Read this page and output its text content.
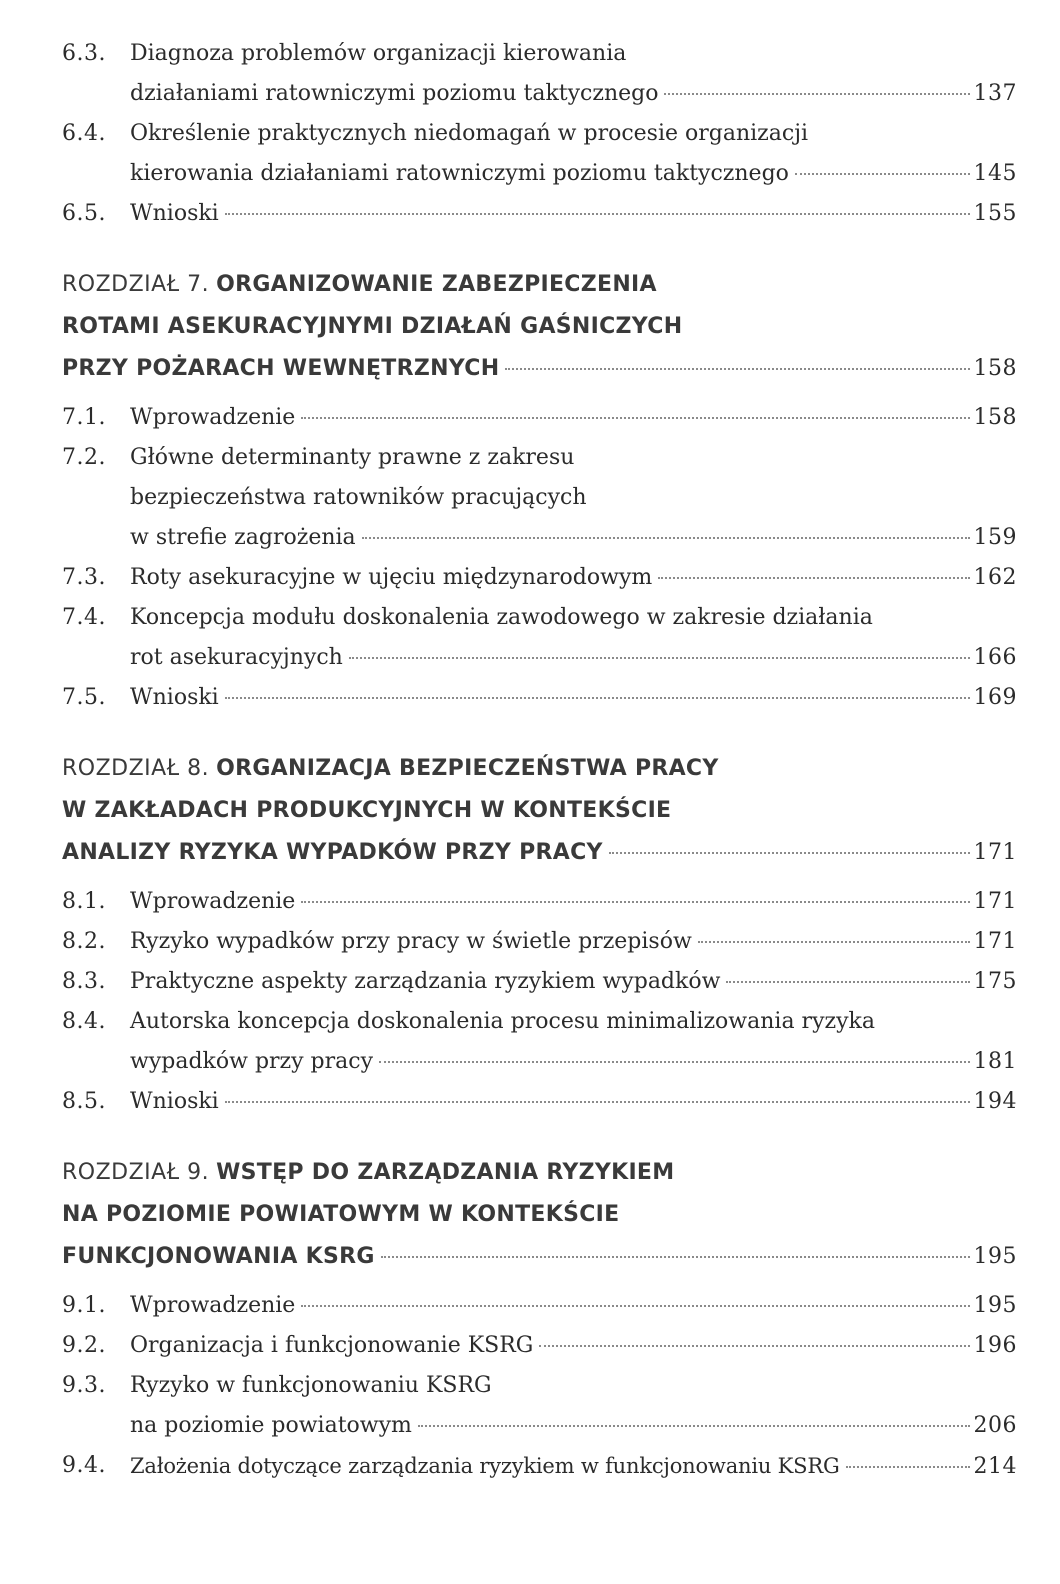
6.3.	Diagnoza problemów organizacji kierowania
działaniami ratowniczymi poziomu taktycznego	137
6.4.	Określenie praktycznych niedomagań w procesie organizacji
kierowania działaniami ratowniczymi poziomu taktycznego	145
6.5.	Wnioski	155
ROZDZIAŁ 7. ORGANIZOWANIE ZABEZPIECZENIA
ROTAMI ASEKURACYJNYMI DZIAŁAŃ GAŚNICZYCH
PRZY POŻARACH WEWNĘTRZNYCH	158
7.1.	Wprowadzenie	158
7.2.	Główne determinanty prawne z zakresu
bezpieczeństwa ratowników pracujących
w strefie zagrożenia	159
7.3.	Roty asekuracyjne w ujęciu międzynarodowym	162
7.4.	Koncepcja modułu doskonalenia zawodowego w zakresie działania
rot asekuracyjnych	166
7.5.	Wnioski	169
ROZDZIAŁ 8. ORGANIZACJA BEZPIECZEŃSTWA PRACY
W ZAKŁADACH PRODUKCYJNYCH W KONTEKŚCIE
ANALIZY RYZYKA WYPADKÓW PRZY PRACY	171
8.1.	Wprowadzenie	171
8.2.	Ryzyko wypadków przy pracy w świetle przepisów	171
8.3.	Praktyczne aspekty zarządzania ryzykiem wypadków	175
8.4.	Autorska koncepcja doskonalenia procesu minimalizowania ryzyka
wypadków przy pracy	181
8.5.	Wnioski	194
ROZDZIAŁ 9. WSTĘP DO ZARZĄDZANIA RYZYKIEM
NA POZIOMIE POWIATOWYM W KONTEKŚCIE
FUNKCJONOWANIA KSRG	195
9.1.	Wprowadzenie	195
9.2.	Organizacja i funkcjonowanie KSRG	196
9.3.	Ryzyko w funkcjonowaniu KSRG
na poziomie powiatowym	206
9.4.	Założenia dotyczące zarządzania ryzykiem w funkcjonowaniu KSRG	214
